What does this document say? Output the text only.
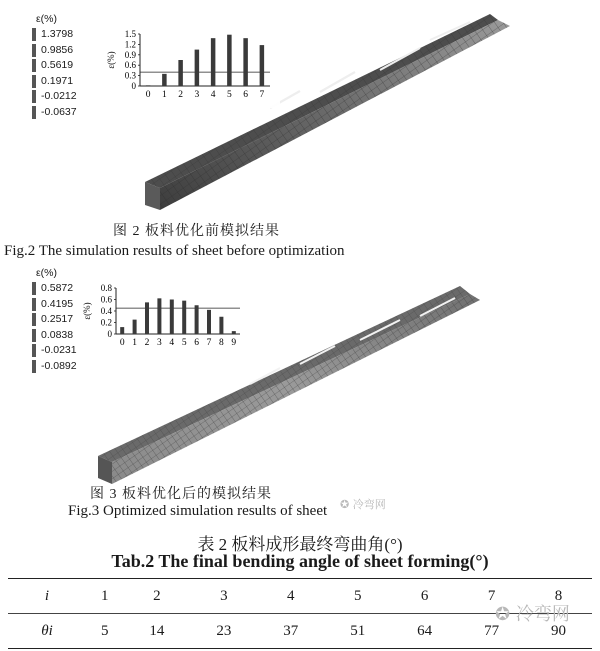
ε(%)
1.3798
0.9856
0.5619
0.1971
-0.0212
-0.0637
ε(%)
0
0.3
0.6
0.9
1.2
1.5
0 1 2 3 4 5 6 7
图 2 板料优化前模拟结果
Fig.2 The simulation results of sheet before optimization
ε(%)
0.5872
0.4195
0.2517
0.0838
-0.0231
-0.0892
ε(%)
0
0.2
0.4
0.6
0.8
0 1 2 3 4 5 6 7 8 9
图 3 板料优化后的模拟结果
Fig.3 Optimized simulation results of sheet ✪ 冷弯网
表 2 板料成形最终弯曲角(°)
Tab.2 The final bending angle of sheet forming(°)
i	1	2	3	4	5	6	7	8
θi	5	14	23	37	51	64	77	90
✪ 冷弯网
